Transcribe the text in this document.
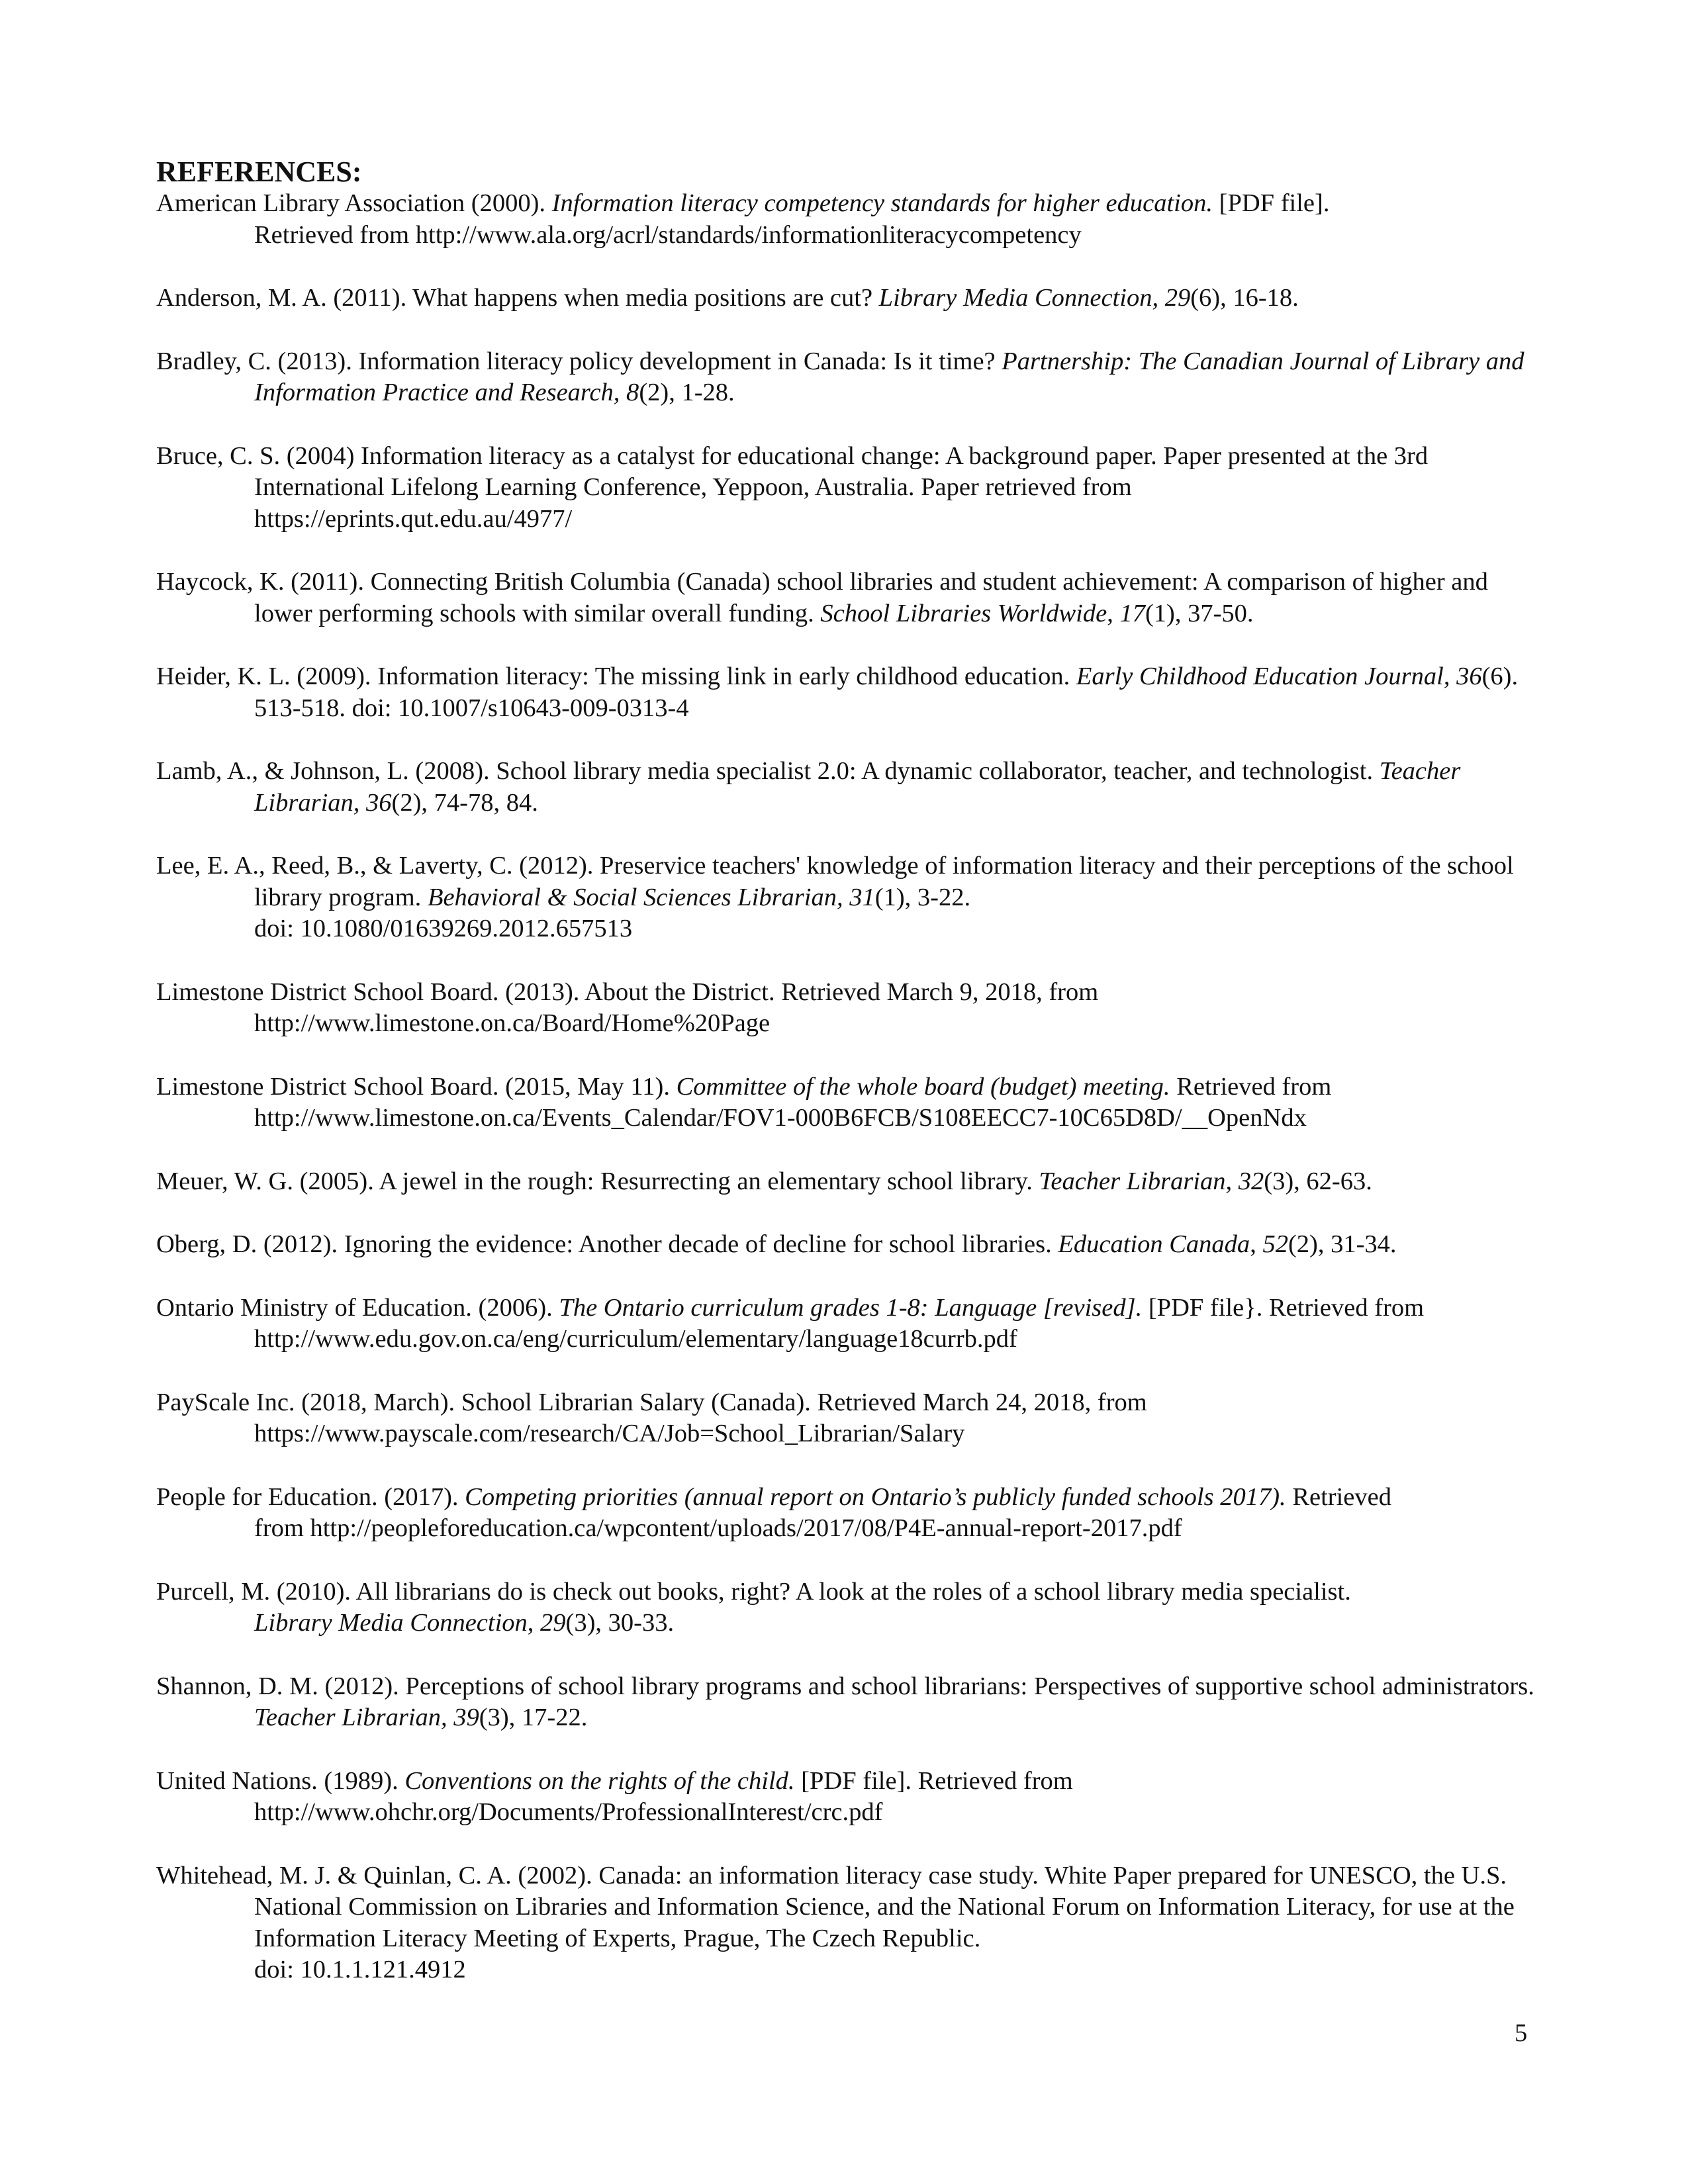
REFERENCES:
American Library Association (2000). Information literacy competency standards for higher education. [PDF file].
Retrieved from http://www.ala.org/acrl/standards/informationliteracycompetency
Anderson, M. A. (2011). What happens when media positions are cut? Library Media Connection, 29(6), 16-18.
Bradley, C. (2013). Information literacy policy development in Canada: Is it time? Partnership: The Canadian Journal of Library and Information Practice and Research, 8(2), 1-28.
Bruce, C. S. (2004) Information literacy as a catalyst for educational change: A background paper. Paper presented at the 3rd International Lifelong Learning Conference, Yeppoon, Australia. Paper retrieved from
https://eprints.qut.edu.au/4977/
Haycock, K. (2011). Connecting British Columbia (Canada) school libraries and student achievement: A comparison of higher and lower performing schools with similar overall funding. School Libraries Worldwide, 17(1), 37-50.
Heider, K. L. (2009). Information literacy: The missing link in early childhood education. Early Childhood Education Journal, 36(6). 513-518. doi: 10.1007/s10643-009-0313-4
Lamb, A., & Johnson, L. (2008). School library media specialist 2.0: A dynamic collaborator, teacher, and technologist. Teacher Librarian, 36(2), 74-78, 84.
Lee, E. A., Reed, B., & Laverty, C. (2012). Preservice teachers' knowledge of information literacy and their perceptions of the school library program. Behavioral & Social Sciences Librarian, 31(1), 3-22.
doi: 10.1080/01639269.2012.657513
Limestone District School Board. (2013). About the District. Retrieved March 9, 2018, from
http://www.limestone.on.ca/Board/Home%20Page
Limestone District School Board. (2015, May 11). Committee of the whole board (budget) meeting. Retrieved from
http://www.limestone.on.ca/Events_Calendar/FOV1-000B6FCB/S108EECC7-10C65D8D/__OpenNdx
Meuer, W. G. (2005). A jewel in the rough: Resurrecting an elementary school library. Teacher Librarian, 32(3), 62-63.
Oberg, D. (2012). Ignoring the evidence: Another decade of decline for school libraries. Education Canada, 52(2), 31-34.
Ontario Ministry of Education. (2006). The Ontario curriculum grades 1-8: Language [revised]. [PDF file}. Retrieved from
http://www.edu.gov.on.ca/eng/curriculum/elementary/language18currb.pdf
PayScale Inc. (2018, March). School Librarian Salary (Canada). Retrieved March 24, 2018, from
https://www.payscale.com/research/CA/Job=School_Librarian/Salary
People for Education. (2017). Competing priorities (annual report on Ontario’s publicly funded schools 2017). Retrieved
from http://peopleforeducation.ca/wpcontent/uploads/2017/08/P4E-annual-report-2017.pdf
Purcell, M. (2010). All librarians do is check out books, right? A look at the roles of a school library media specialist.
Library Media Connection, 29(3), 30-33.
Shannon, D. M. (2012). Perceptions of school library programs and school librarians: Perspectives of supportive school administrators. Teacher Librarian, 39(3), 17-22.
United Nations. (1989). Conventions on the rights of the child. [PDF file]. Retrieved from
http://www.ohchr.org/Documents/ProfessionalInterest/crc.pdf
Whitehead, M. J. & Quinlan, C. A. (2002). Canada: an information literacy case study. White Paper prepared for UNESCO, the U.S. National Commission on Libraries and Information Science, and the National Forum on Information Literacy, for use at the Information Literacy Meeting of Experts, Prague, The Czech Republic.
doi: 10.1.1.121.4912
5
